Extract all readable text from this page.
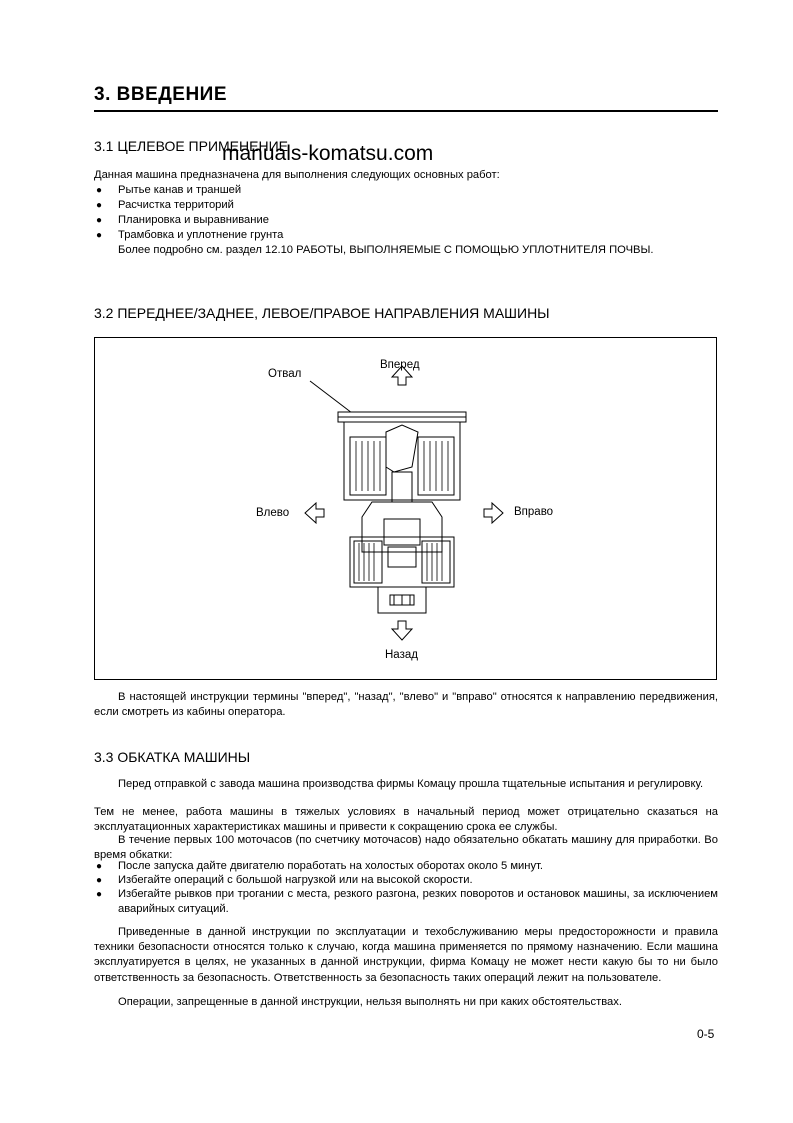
3. ВВЕДЕНИЕ
3.1 ЦЕЛЕВОЕ ПРИМЕНЕНИЕ
manuals-komatsu.com
Данная машина предназначена для выполнения следующих основных работ:
● Рытье канав и траншей
● Расчистка территорий
● Планировка и выравнивание
● Трамбовка и уплотнение грунта
Более подробно см. раздел 12.10 РАБОТЫ, ВЫПОЛНЯЕМЫЕ С ПОМОЩЬЮ УПЛОТНИТЕЛЯ ПОЧВЫ.
3.2 ПЕРЕДНЕЕ/ЗАДНЕЕ, ЛЕВОЕ/ПРАВОЕ НАПРАВЛЕНИЯ МАШИНЫ
Отвал
Вперед
Влево	Вправо
Назад
В настоящей инструкции термины "вперед", "назад", "влево" и "вправо" относятся к направлению передвижения, если смотреть из кабины оператора.
3.3 ОБКАТКА МАШИНЫ
Перед отправкой с завода машина производства фирмы Комацу прошла тщательные испытания и регулировку.
Тем не менее, работа машины в тяжелых условиях в начальный период может отрицательно сказаться на эксплуатационных характеристиках машины и привести к сокращению срока ее службы.
В течение первых 100 моточасов (по счетчику моточасов) надо обязательно обкатать машину для приработки. Во время обкатки:
● После запуска дайте двигателю поработать на холостых оборотах около 5 минут.
● Избегайте операций с большой нагрузкой или на высокой скорости.
● Избегайте рывков при трогании с места, резкого разгона, резких поворотов и остановок машины, за исключением аварийных ситуаций.
Приведенные в данной инструкции по эксплуатации и техобслуживанию меры предосторожности и правила техники безопасности относятся только к случаю, когда машина применяется по прямому назначению. Если машина эксплуатируется в целях, не указанных в данной инструкции, фирма Комацу не может нести какую бы то ни было ответственность за безопасность. Ответственность за безопасность таких операций лежит на пользователе.
Операции, запрещенные в данной инструкции, нельзя выполнять ни при каких обстоятельствах.
0-5
